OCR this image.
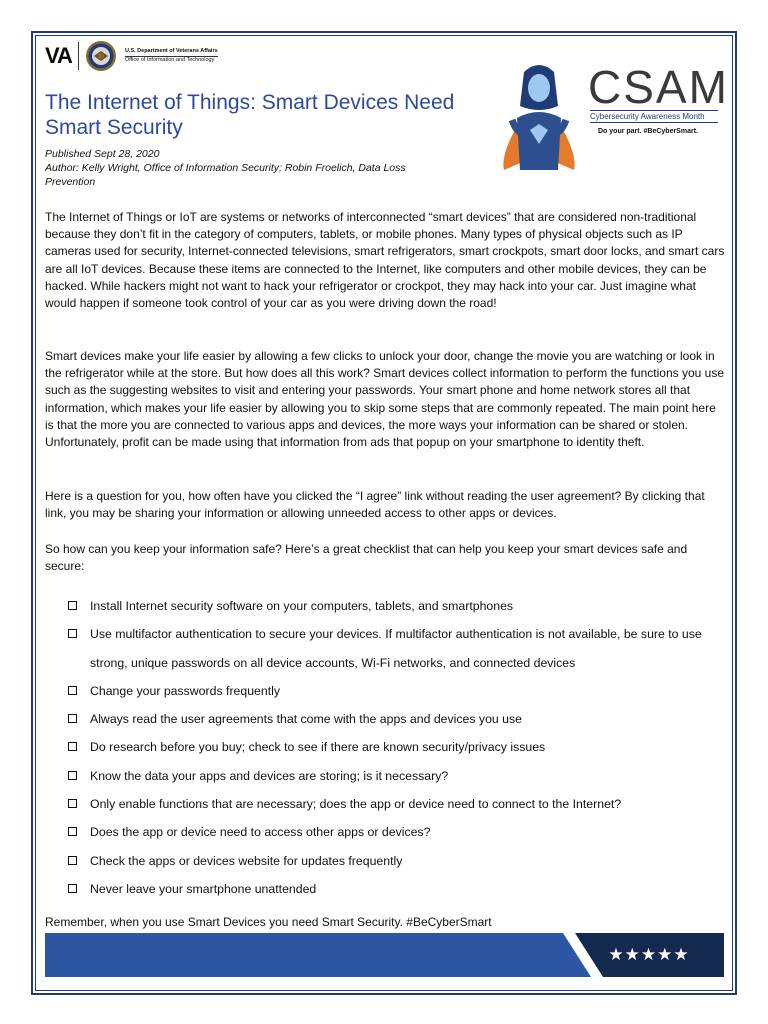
VA	U.S. Department of Veterans Affairs
Office of Information and Technology
The Internet of Things: Smart Devices Need Smart Security
Published Sept 28, 2020
Author: Kelly Wright, Office of Information Security; Robin Froelich, Data Loss Prevention
CSAM
Cybersecurity Awareness Month
Do your part. #BeCyberSmart.

The Internet of Things or IoT are systems or networks of interconnected “smart devices” that are considered non-traditional because they don’t fit in the category of computers, tablets, or mobile phones. Many types of physical objects such as IP cameras used for security, Internet-connected televisions, smart refrigerators, smart crockpots, smart door locks, and smart cars are all IoT devices. Because these items are connected to the Internet, like computers and other mobile devices, they can be hacked. While hackers might not want to hack your refrigerator or crockpot, they may hack into your car. Just imagine what would happen if someone took control of your car as you were driving down the road!

Smart devices make your life easier by allowing a few clicks to unlock your door, change the movie you are watching or look in the refrigerator while at the store. But how does all this work? Smart devices collect information to perform the functions you use such as the suggesting websites to visit and entering your passwords. Your smart phone and home network stores all that information, which makes your life easier by allowing you to skip some steps that are commonly repeated. The main point here is that the more you are connected to various apps and devices, the more ways your information can be shared or stolen. Unfortunately, profit can be made using that information from ads that popup on your smartphone to identity theft.

Here is a question for you, how often have you clicked the “I agree” link without reading the user agreement? By clicking that link, you may be sharing your information or allowing unneeded access to other apps or devices.

So how can you keep your information safe? Here’s a great checklist that can help you keep your smart devices safe and secure:

Install Internet security software on your computers, tablets, and smartphones
Use multifactor authentication to secure your devices. If multifactor authentication is not available, be sure to use strong, unique passwords on all device accounts, Wi-Fi networks, and connected devices
Change your passwords frequently
Always read the user agreements that come with the apps and devices you use
Do research before you buy; check to see if there are known security/privacy issues
Know the data your apps and devices are storing; is it necessary?
Only enable functions that are necessary; does the app or device need to connect to the Internet?
Does the app or device need to access other apps or devices?
Check the apps or devices website for updates frequently
Never leave your smartphone unattended
Remember, when you use Smart Devices you need Smart Security. #BeCyberSmart
★★★★★
